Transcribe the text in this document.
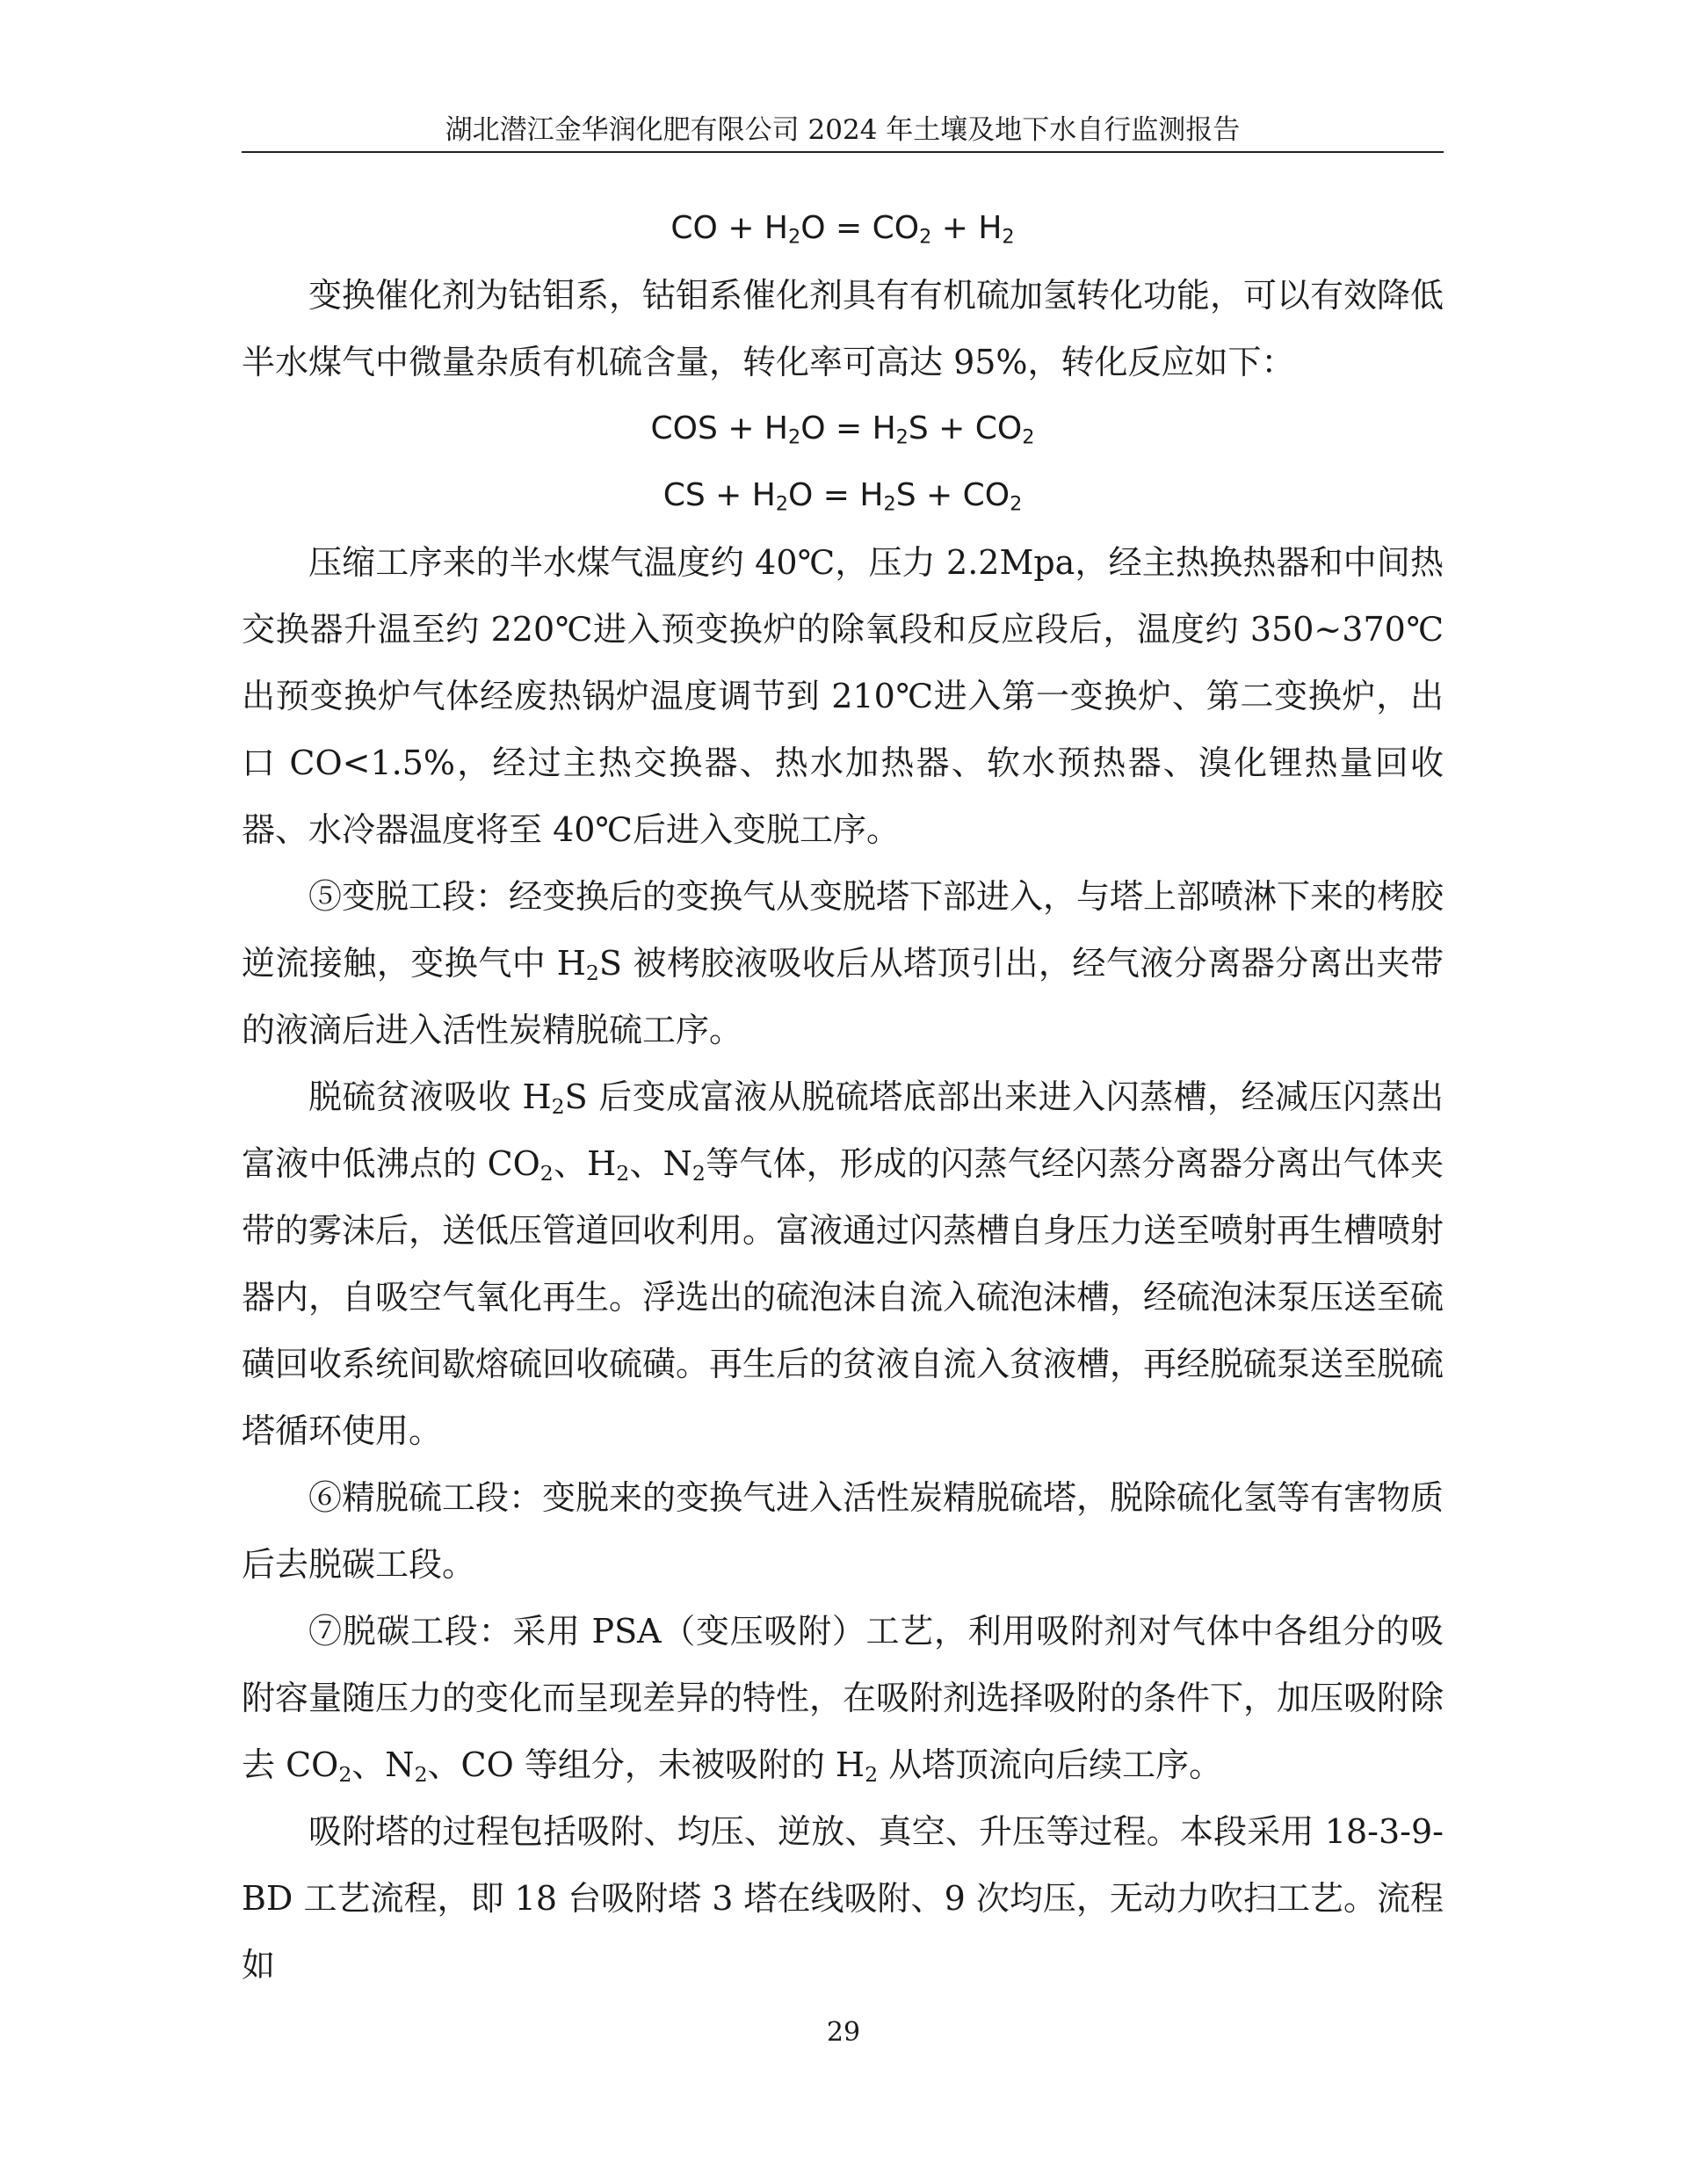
湖北潜江金华润化肥有限公司 2024 年土壤及地下水自行监测报告
CO + $H_2O = CO_2 + H_2$

变换催化剂为钴钼系，钴钼系催化剂具有有机硫加氢转化功能，可以有效降低半水煤气中微量杂质有机硫含量，转化率可高达 95%，转化反应如下：

COS + $H_2O = H_2S + CO_2$
CS + $H_2O = H_2S + CO_2$

压缩工序来的半水煤气温度约 40℃，压力 2.2Mpa，经主热换热器和中间热交换器升温至约 220℃进入预变换炉的除氧段和反应段后，温度约 350~370℃出预变换炉气体经废热锅炉温度调节到 210℃进入第一变换炉、第二变换炉，出口 CO<1.5%，经过主热交换器、热水加热器、软水预热器、溴化锂热量回收器、水冷器温度将至 40℃后进入变脱工序。

⑤变脱工段：经变换后的变换气从变脱塔下部进入，与塔上部喷淋下来的栲胶逆流接触，变换气中 $H_2S$ 被栲胶液吸收后从塔顶引出，经气液分离器分离出夹带的液滴后进入活性炭精脱硫工序。

脱硫贫液吸收 $H_2S$ 后变成富液从脱硫塔底部出来进入闪蒸槽，经减压闪蒸出富液中低沸点的 $CO_2$、$H_2$、$N_2$等气体，形成的闪蒸气经闪蒸分离器分离出气体夹带的雾沫后，送低压管道回收利用。富液通过闪蒸槽自身压力送至喷射再生槽喷射器内，自吸空气氧化再生。浮选出的硫泡沫自流入硫泡沫槽，经硫泡沫泵压送至硫磺回收系统间歇熔硫回收硫磺。再生后的贫液自流入贫液槽，再经脱硫泵送至脱硫塔循环使用。

⑥精脱硫工段：变脱来的变换气进入活性炭精脱硫塔，脱除硫化氢等有害物质后去脱碳工段。

⑦脱碳工段：采用 PSA（变压吸附）工艺，利用吸附剂对气体中各组分的吸附容量随压力的变化而呈现差异的特性，在吸附剂选择吸附的条件下，加压吸附除去 $CO_2$、$N_2$、CO 等组分，未被吸附的 $H_2$ 从塔顶流向后续工序。

吸附塔的过程包括吸附、均压、逆放、真空、升压等过程。本段采用 18-3-9-BD 工艺流程，即 18 台吸附塔 3 塔在线吸附、9 次均压，无动力吹扫工艺。流程如

29
